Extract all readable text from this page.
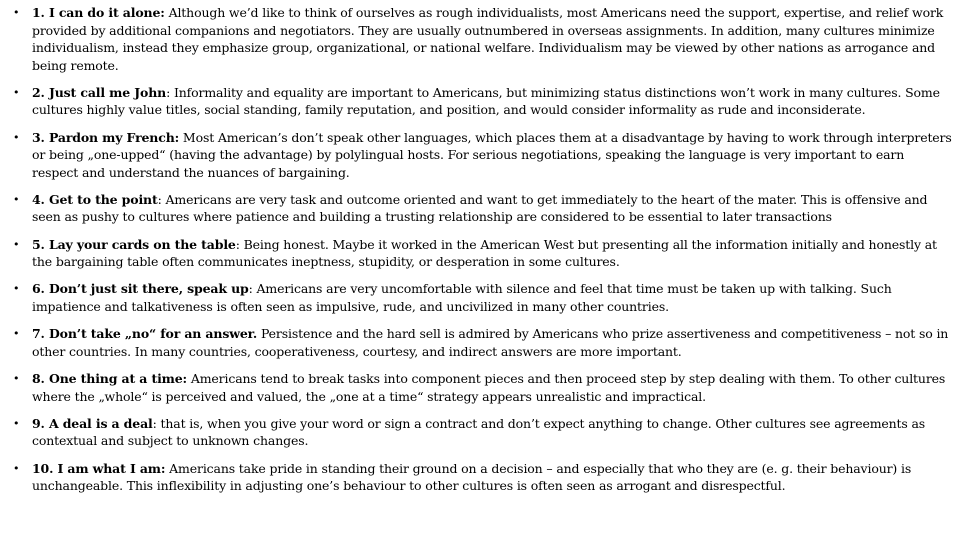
• 1. I can do it alone: Although we’d like to think of ourselves as rough individualists, most Americans need the support, expertise, and relief work provided by additional companions and negotiators. They are usually outnumbered in overseas assignments. In addition, many cultures minimize individualism, instead they emphasize group, organizational, or national welfare. Individualism may be viewed by other nations as arrogance and being remote.
• 2. Just call me John: Informality and equality are important to Americans, but minimizing status distinctions won’t work in many cultures. Some cultures highly value titles, social standing, family reputation, and position, and would consider informality as rude and inconsiderate.
• 3. Pardon my French: Most American’s don’t speak other languages, which places them at a disadvantage by having to work through interpreters or being „one-upped“ (having the advantage) by polylingual hosts. For serious negotiations, speaking the language is very important to earn respect and understand the nuances of bargaining.
• 4. Get to the point: Americans are very task and outcome oriented and want to get immediately to the heart of the mater. This is offensive and seen as pushy to cultures where patience and building a trusting relationship are considered to be essential to later transactions
• 5. Lay your cards on the table: Being honest. Maybe it worked in the American West but presenting all the information initially and honestly at the bargaining table often communicates ineptness, stupidity, or desperation in some cultures.
• 6. Don’t just sit there, speak up: Americans are very uncomfortable with silence and feel that time must be taken up with talking. Such impatience and talkativeness is often seen as impulsive, rude, and uncivilized in many other countries.
• 7. Don’t take „no“ for an answer. Persistence and the hard sell is admired by Americans who prize assertiveness and competitiveness – not so in other countries. In many countries, cooperativeness, courtesy, and indirect answers are more important.
• 8. One thing at a time: Americans tend to break tasks into component pieces and then proceed step by step dealing with them. To other cultures where the „whole“ is perceived and valued, the „one at a time“ strategy appears unrealistic and impractical.
• 9. A deal is a deal: that is, when you give your word or sign a contract and don’t expect anything to change. Other cultures see agreements as contextual and subject to unknown changes.
• 10. I am what I am: Americans take pride in standing their ground on a decision – and especially that who they are (e. g. their behaviour) is unchangeable. This inflexibility in adjusting one’s behaviour to other cultures is often seen as arrogant and disrespectful.
